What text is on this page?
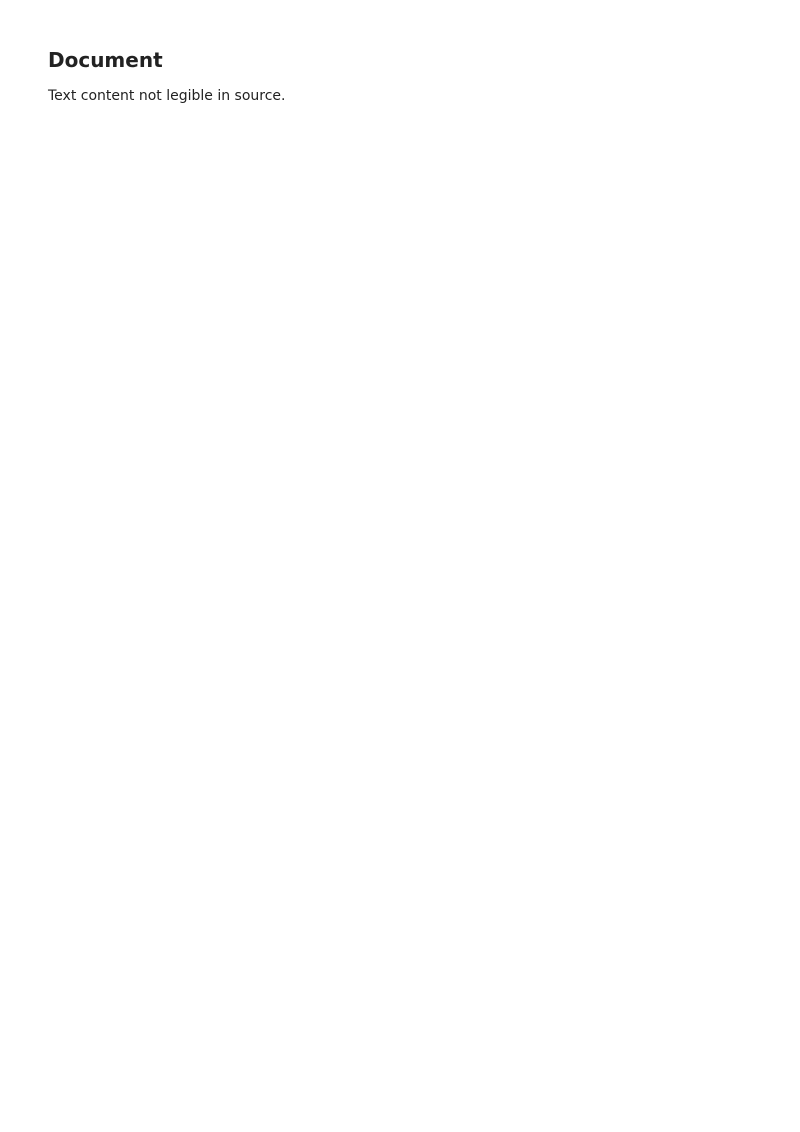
Document
Text content not legible in source.
